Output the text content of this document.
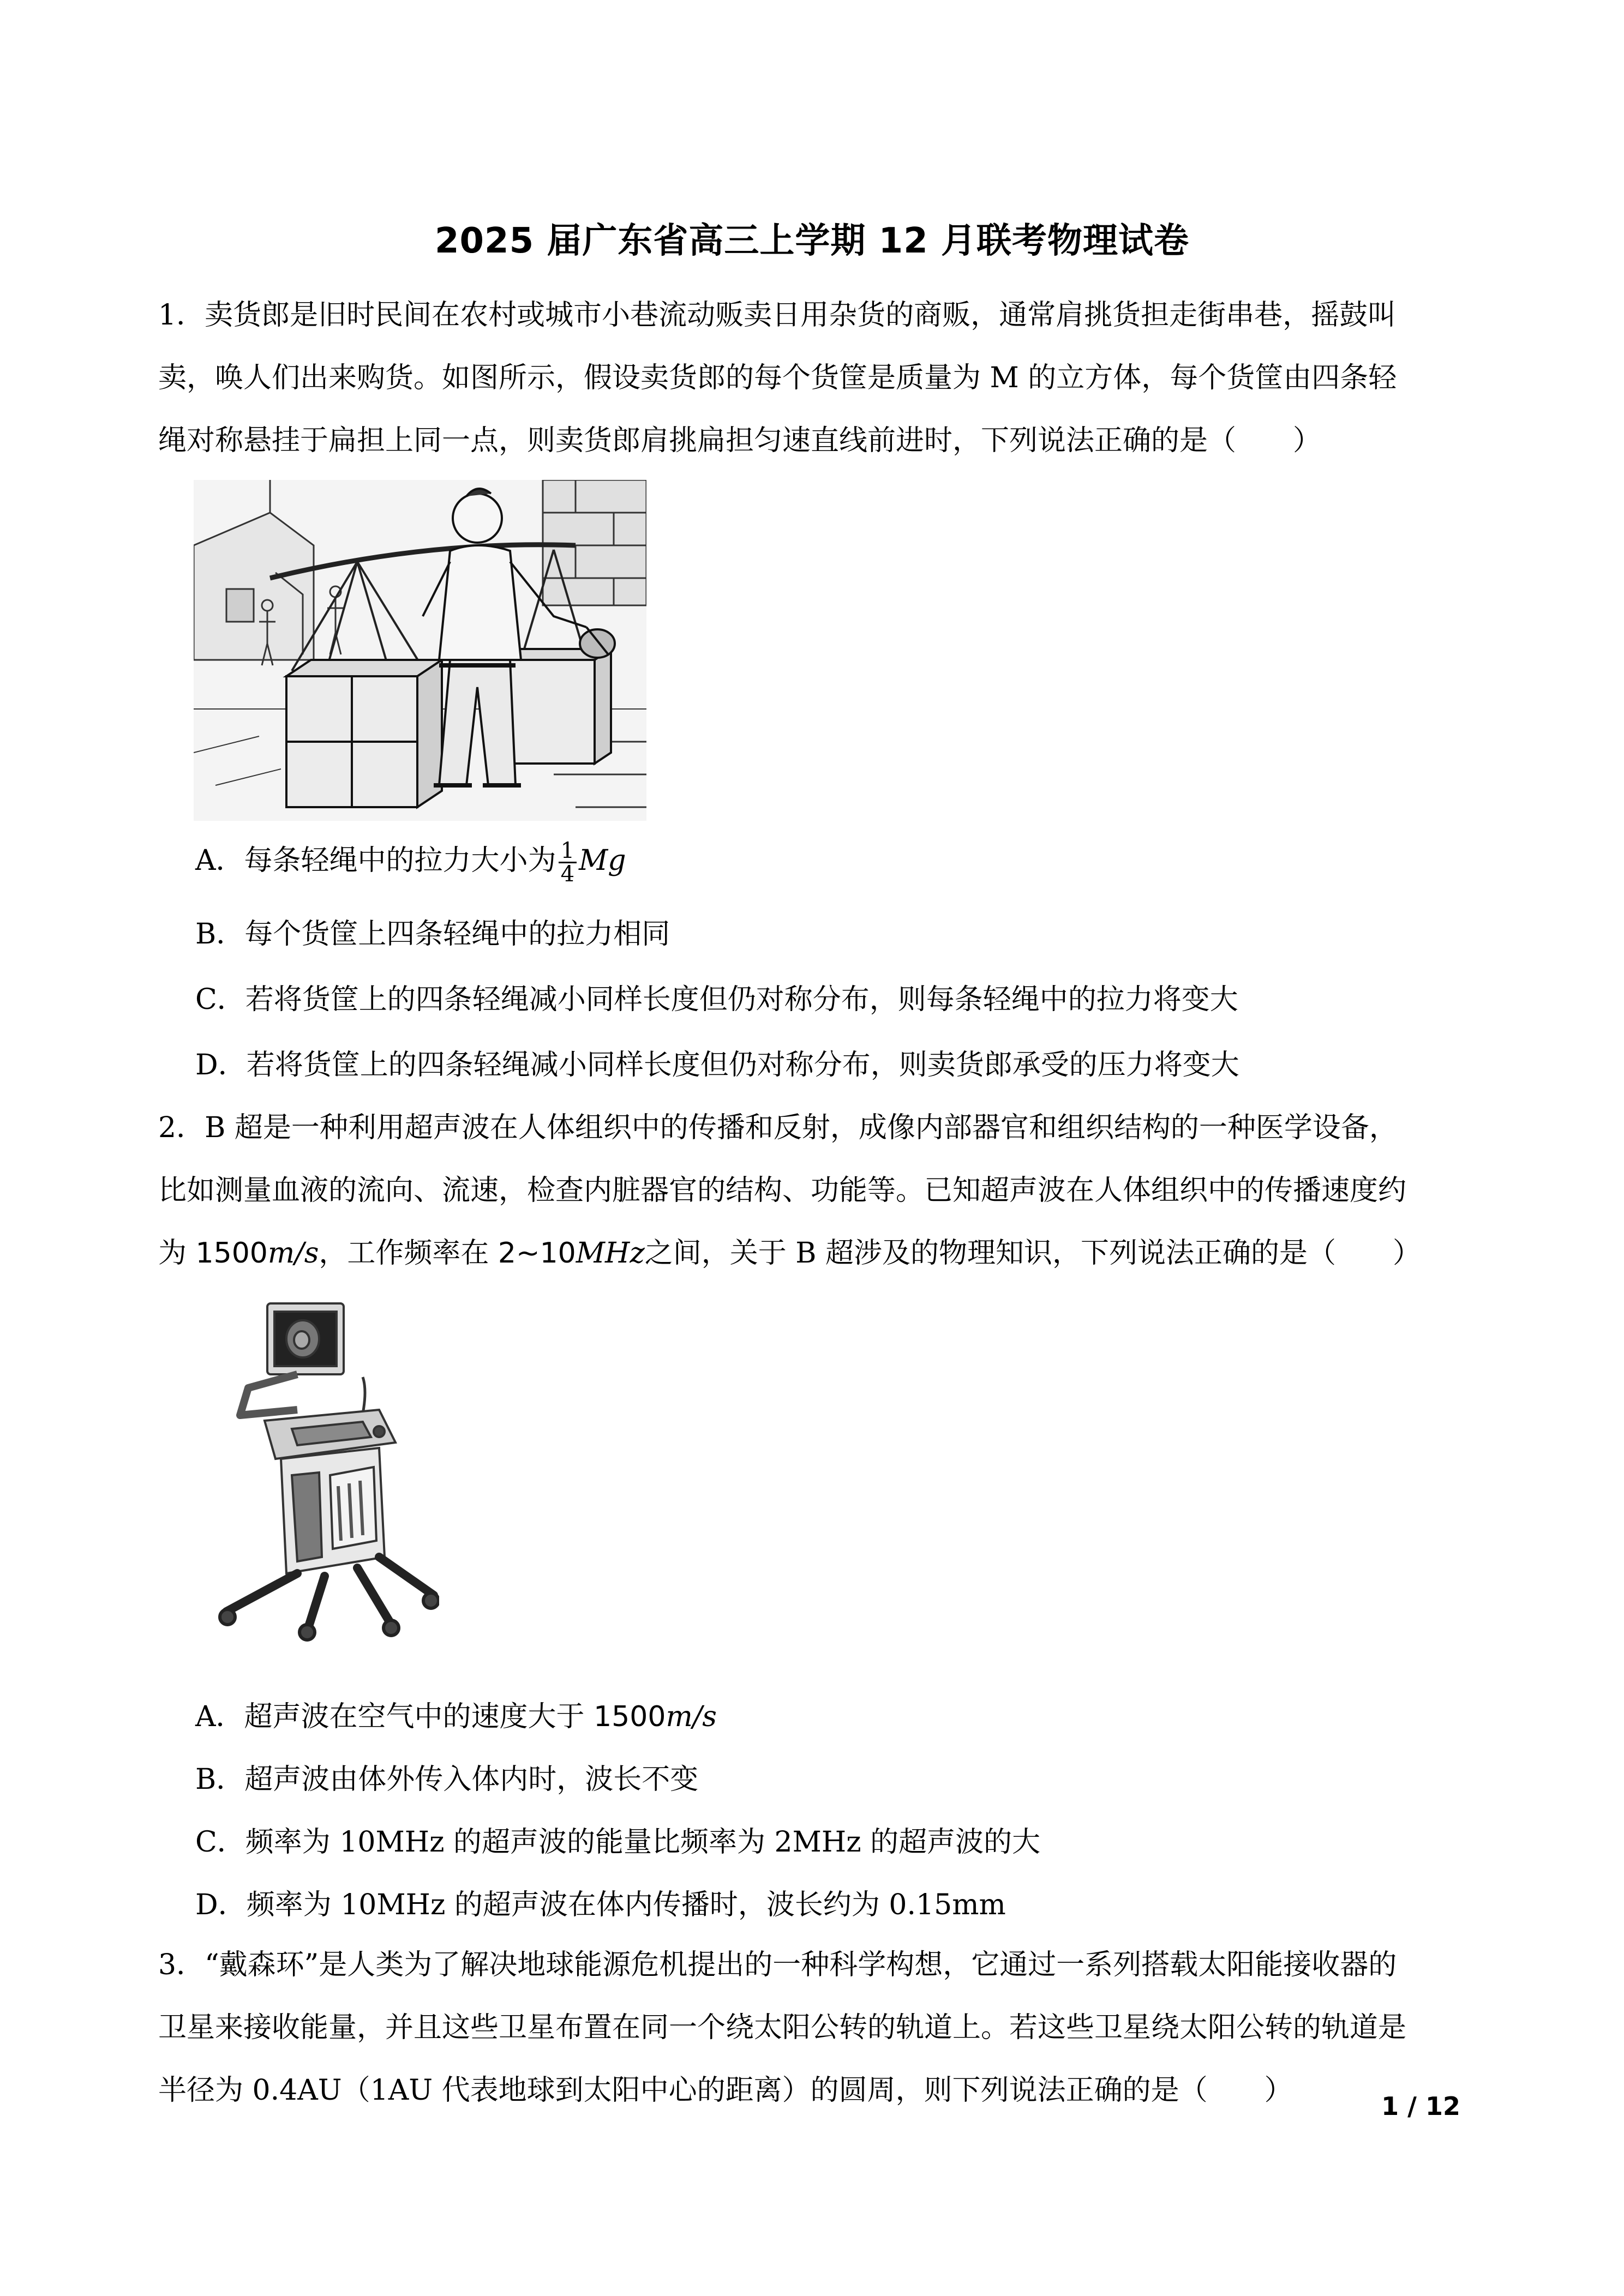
2025 届广东省高三上学期 12 月联考物理试卷
1．卖货郎是旧时民间在农村或城市小巷流动贩卖日用杂货的商贩，通常肩挑货担走街串巷，摇鼓叫
卖，唤人们出来购货。如图所示，假设卖货郎的每个货筐是质量为 M 的立方体，每个货筐由四条轻
绳对称悬挂于扁担上同一点，则卖货郎肩挑扁担匀速直线前进时，下列说法正确的是（　　）
A．每条轻绳中的拉力大小为 $\frac{1}{4}$ Mg
B．每个货筐上四条轻绳中的拉力相同
C．若将货筐上的四条轻绳减小同样长度但仍对称分布，则每条轻绳中的拉力将变大
D．若将货筐上的四条轻绳减小同样长度但仍对称分布，则卖货郎承受的压力将变大
2．B 超是一种利用超声波在人体组织中的传播和反射，成像内部器官和组织结构的一种医学设备，
比如测量血液的流向、流速，检查内脏器官的结构、功能等。已知超声波在人体组织中的传播速度约
为 1500m/s，工作频率在 2~10MHz之间，关于 B 超涉及的物理知识，下列说法正确的是（　　）
A．超声波在空气中的速度大于 1500m/s
B．超声波由体外传入体内时，波长不变
C．频率为 10MHz 的超声波的能量比频率为 2MHz 的超声波的大
D．频率为 10MHz 的超声波在体内传播时，波长约为 0.15mm
3．“戴森环”是人类为了解决地球能源危机提出的一种科学构想，它通过一系列搭载太阳能接收器的
卫星来接收能量，并且这些卫星布置在同一个绕太阳公转的轨道上。若这些卫星绕太阳公转的轨道是
半径为 0.4AU（1AU 代表地球到太阳中心的距离）的圆周，则下列说法正确的是（　　）	1 / 12
